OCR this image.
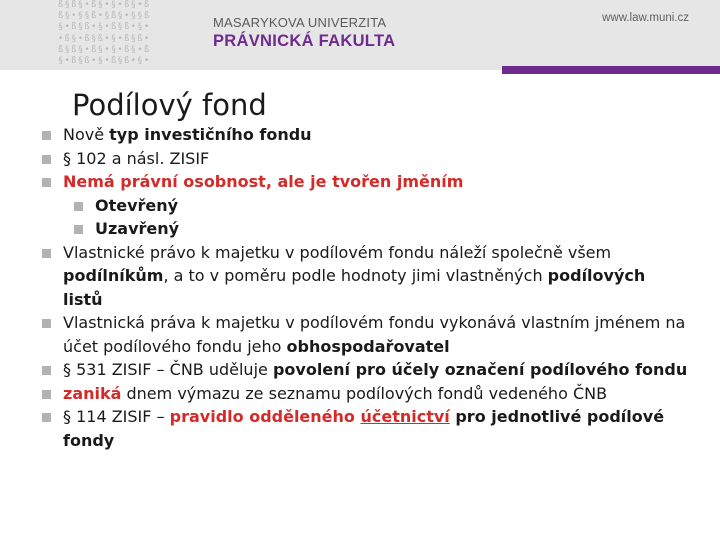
ß§ß§•ß§•§•ß§•ß
ß§•§§ß•§ß§•§§ß
§•ß§ß•§•ß§ß•§•
•ß§•ß§ß•§•ß§ß•
ß§ß§•ß§•§•ß§•ß
§•ß§ß•§•ß§ß•§•
MASARYKOVA UNIVERZITA
PRÁVNICKÁ FAKULTA
www.law.muni.cz
Podílový fond
Nově typ investičního fondu
§ 102 a násl. ZISIF
Nemá právní osobnost, ale je tvořen jměním
Otevřený
Uzavřený
Vlastnické právo k majetku v podílovém fondu náleží společně všem podílníkům, a to v poměru podle hodnoty jimi vlastněných podílových listů
Vlastnická práva k majetku v podílovém fondu vykonává vlastním jménem na účet podílového fondu jeho obhospodařovatel
§ 531 ZISIF – ČNB uděluje povolení pro účely označení podílového fondu
zaniká dnem výmazu ze seznamu podílových fondů vedeného ČNB
§ 114 ZISIF – pravidlo odděleného účetnictví pro jednotlivé podílové fondy
